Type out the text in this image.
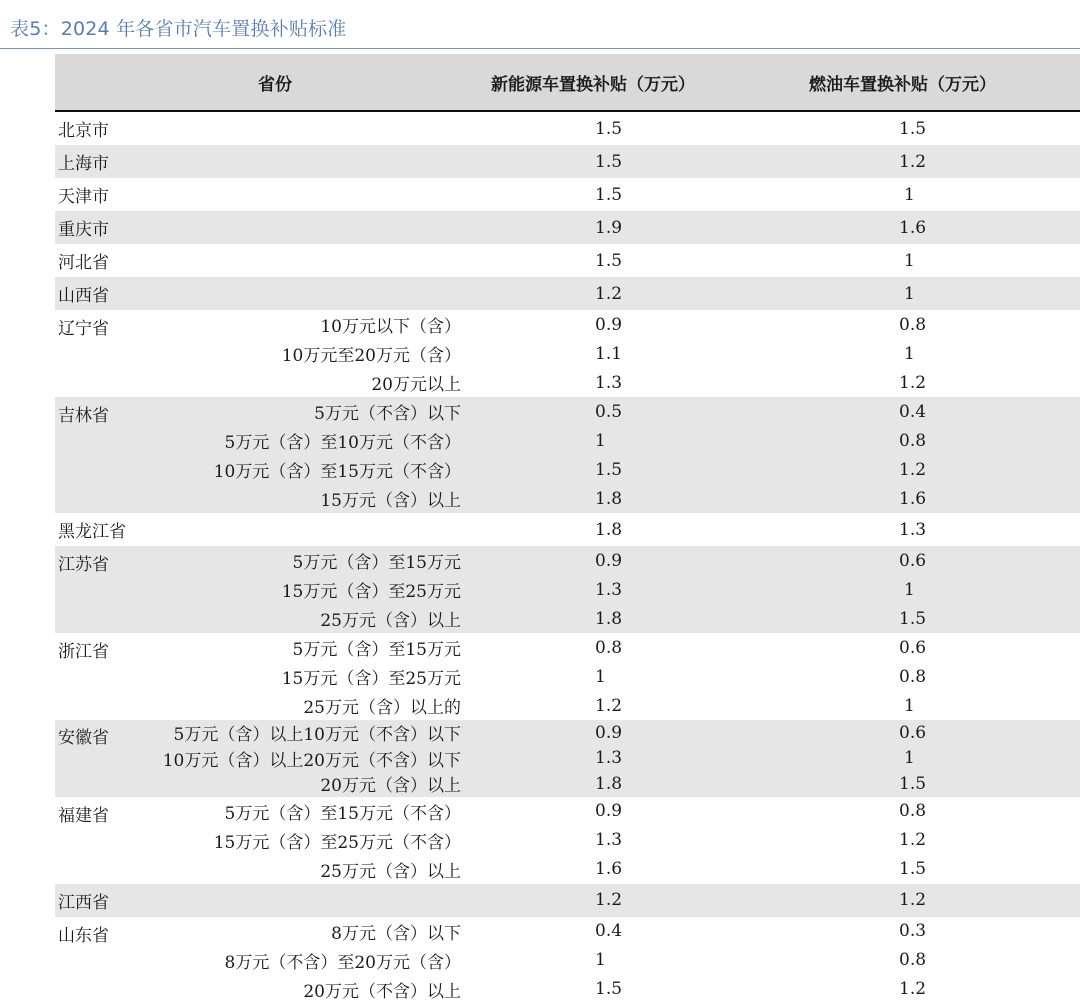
表5：2024 年各省市汽车置换补贴标准
省份		新能源车置换补贴（万元）	燃油车置换补贴（万元）
北京市		1.5	1.5
上海市		1.5	1.2
天津市		1.5	1
重庆市		1.9	1.6
河北省		1.5	1
山西省		1.2	1
辽宁省	10万元以下（含）	0.9	0.8
	10万元至20万元（含）	1.1	1
	20万元以上	1.3	1.2
吉林省	5万元（不含）以下	0.5	0.4
	5万元（含）至10万元（不含）	1	0.8
	10万元（含）至15万元（不含）	1.5	1.2
	15万元（含）以上	1.8	1.6
黑龙江省		1.8	1.3
江苏省	5万元（含）至15万元	0.9	0.6
	15万元（含）至25万元	1.3	1
	25万元（含）以上	1.8	1.5
浙江省	5万元（含）至15万元	0.8	0.6
	15万元（含）至25万元	1	0.8
	25万元（含）以上的	1.2	1
安徽省	5万元（含）以上10万元（不含）以下	0.9	0.6
	10万元（含）以上20万元（不含）以下	1.3	1
	20万元（含）以上	1.8	1.5
福建省	5万元（含）至15万元（不含）	0.9	0.8
	15万元（含）至25万元（不含）	1.3	1.2
	25万元（含）以上	1.6	1.5
江西省		1.2	1.2
山东省	8万元（含）以下	0.4	0.3
	8万元（不含）至20万元（含）	1	0.8
	20万元（不含）以上	1.5	1.2
